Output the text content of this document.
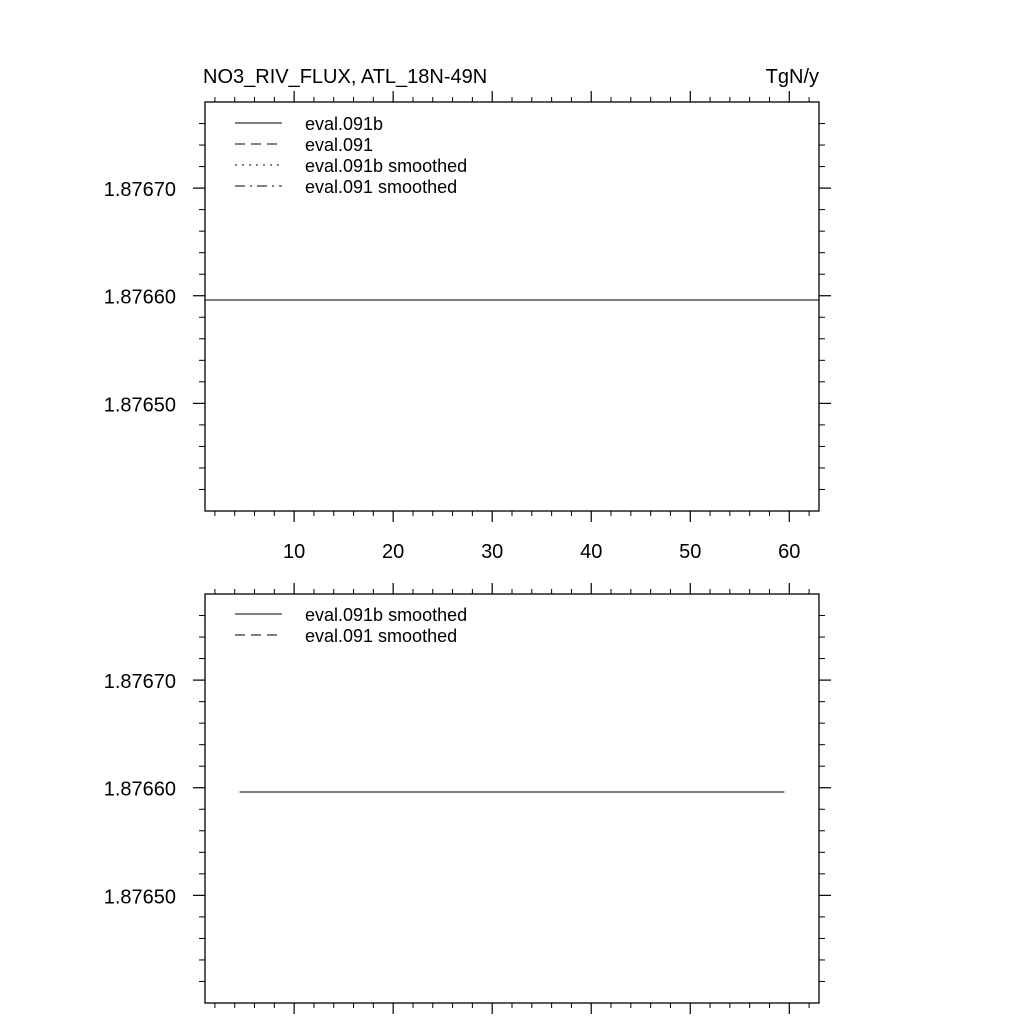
NO3_RIV_FLUX, ATL_18N-49N	TgN/y
10	20	30	40	50	60
1.87650
1.87660
1.87670
eval.091b
eval.091
eval.091b smoothed
eval.091 smoothed
1.87650
1.87660
1.87670
eval.091b smoothed
eval.091 smoothed
